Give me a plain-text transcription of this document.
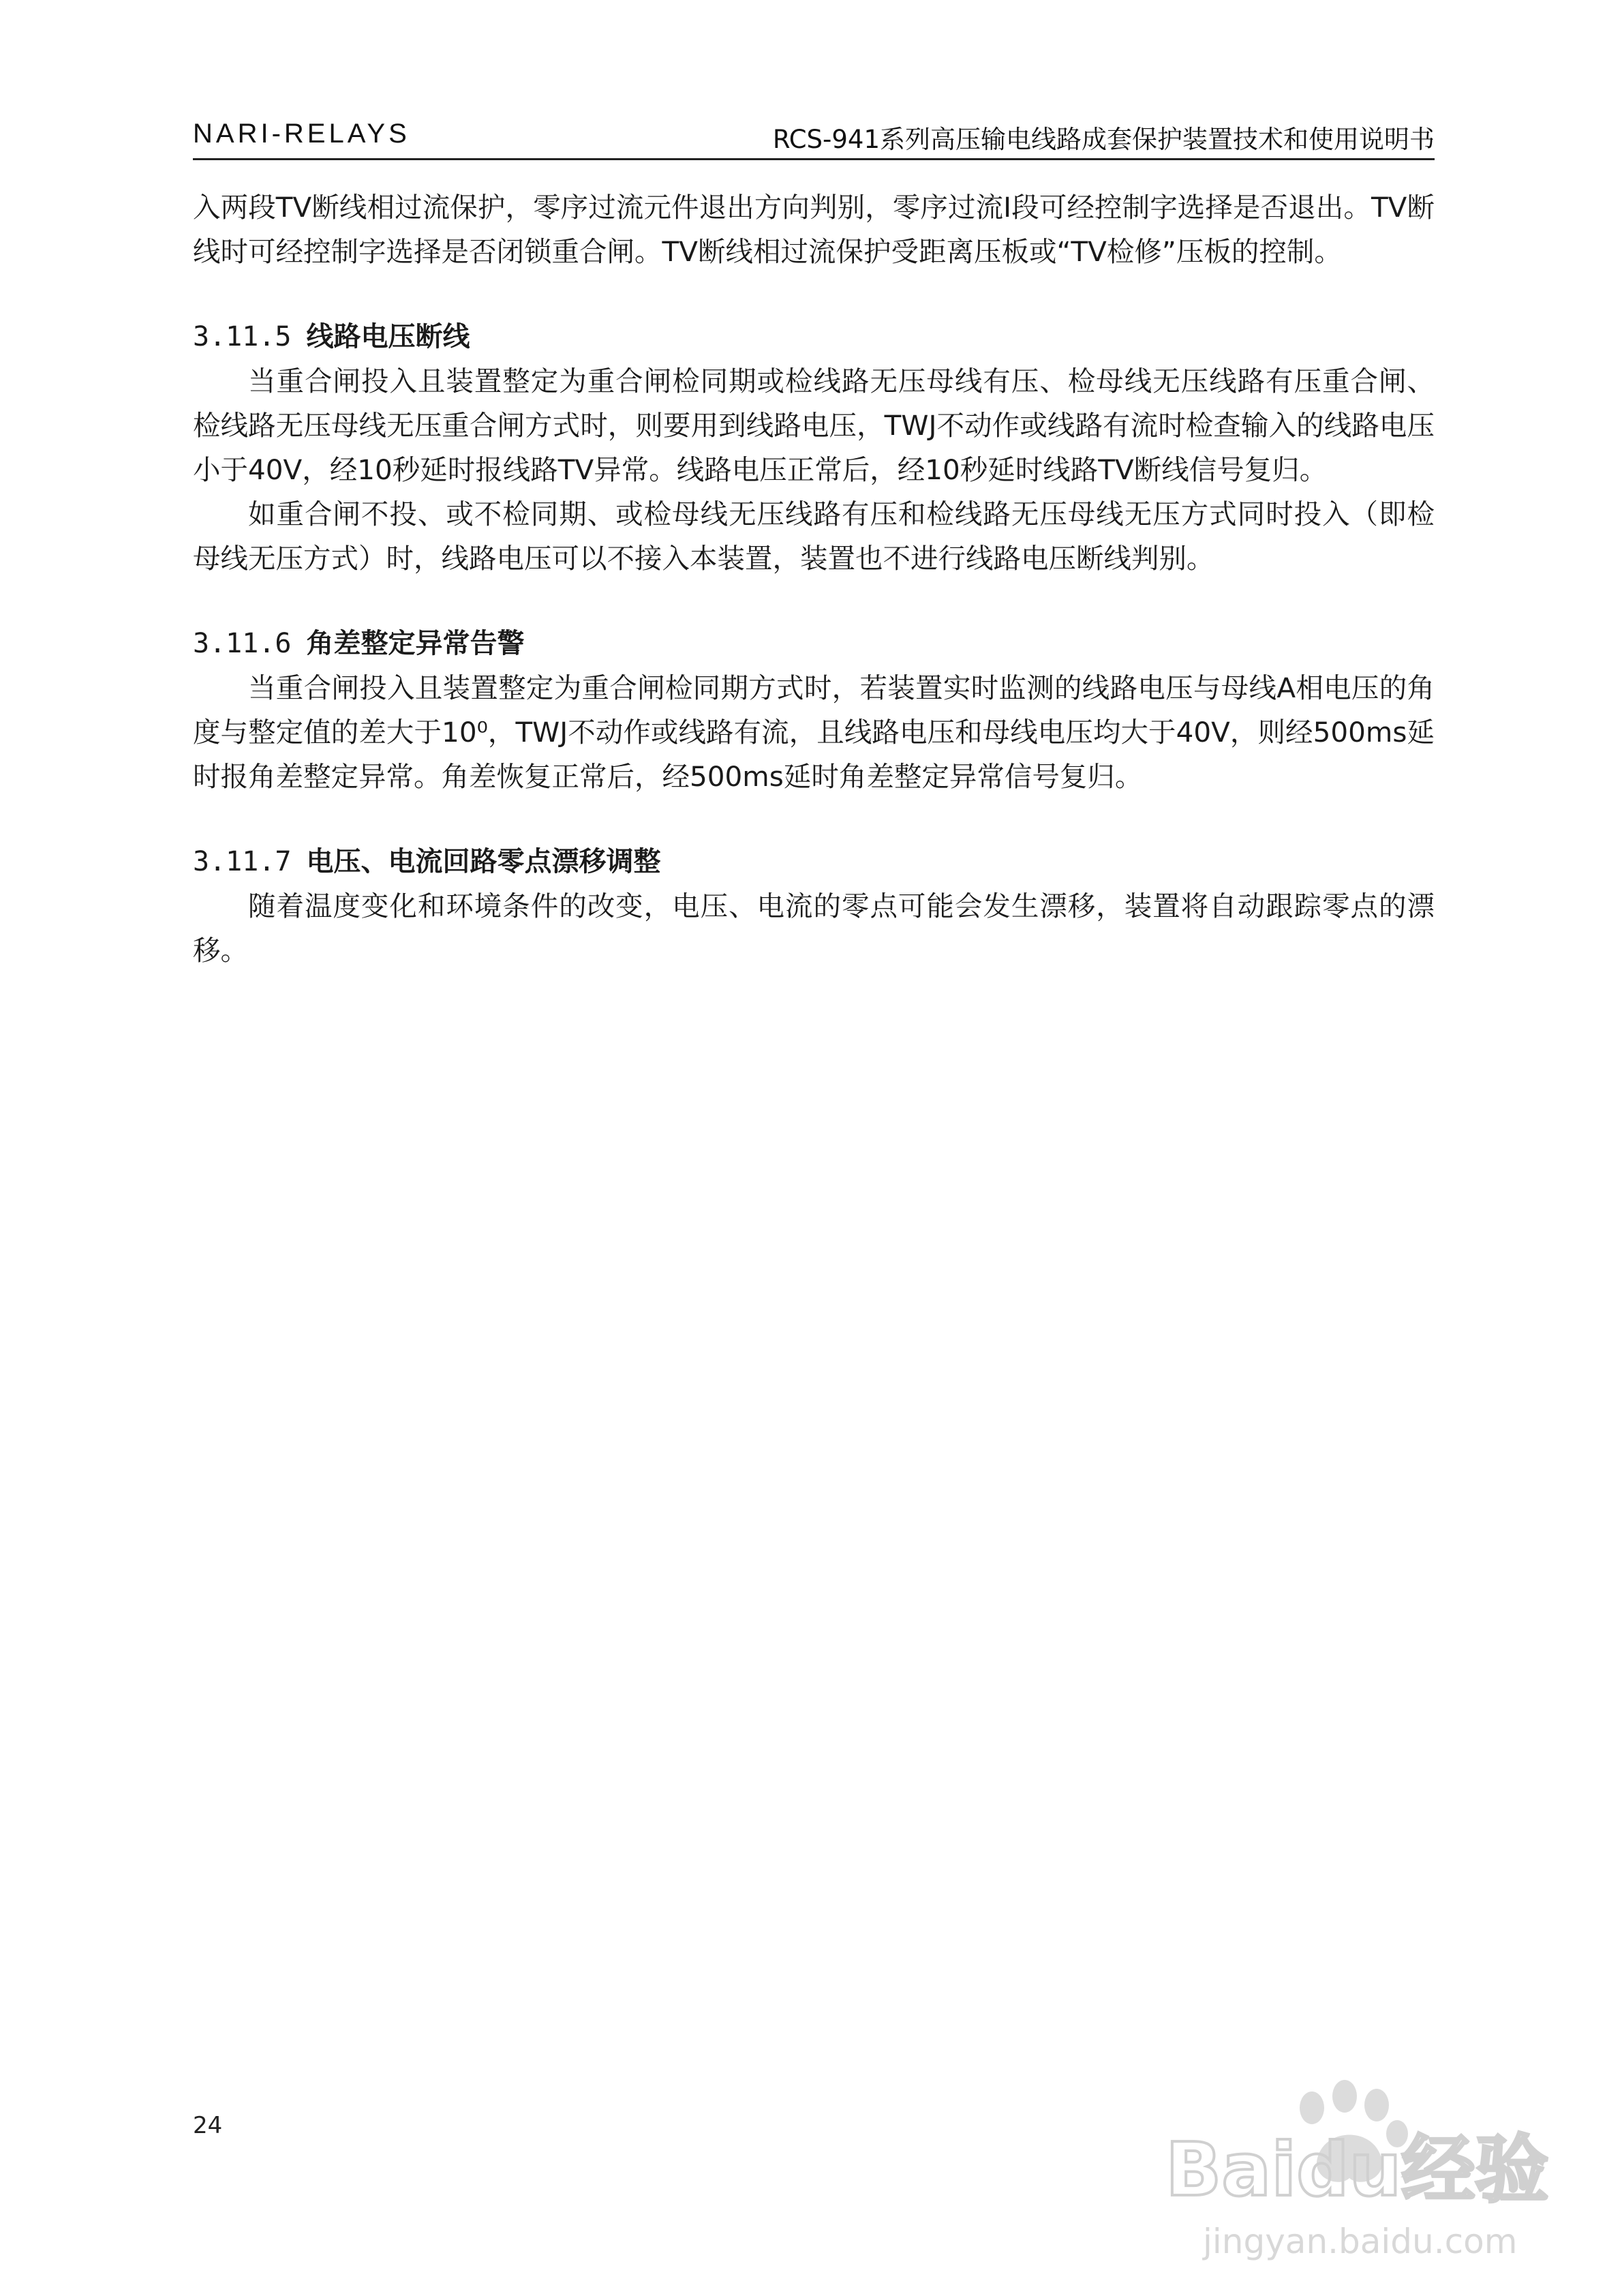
NARI-RELAYS	RCS-941系列高压输电线路成套保护装置技术和使用说明书

入两段TV断线相过流保护，零序过流元件退出方向判别，零序过流Ⅰ段可经控制字选择是否退出。TV断线时可经控制字选择是否闭锁重合闸。TV断线相过流保护受距离压板或“TV检修”压板的控制。

3.11.5 线路电压断线

当重合闸投入且装置整定为重合闸检同期或检线路无压母线有压、检母线无压线路有压重合闸、检线路无压母线无压重合闸方式时，则要用到线路电压，TWJ不动作或线路有流时检查输入的线路电压小于40V，经10秒延时报线路TV异常。线路电压正常后，经10秒延时线路TV断线信号复归。

如重合闸不投、或不检同期、或检母线无压线路有压和检线路无压母线无压方式同时投入（即检母线无压方式）时，线路电压可以不接入本装置，装置也不进行线路电压断线判别。

3.11.6 角差整定异常告警

当重合闸投入且装置整定为重合闸检同期方式时，若装置实时监测的线路电压与母线A相电压的角度与整定值的差大于10⁰，TWJ不动作或线路有流，且线路电压和母线电压均大于40V，则经500ms延时报角差整定异常。角差恢复正常后，经500ms延时角差整定异常信号复归。

3.11.7 电压、电流回路零点漂移调整

随着温度变化和环境条件的改变，电压、电流的零点可能会发生漂移，装置将自动跟踪零点的漂移。

24
Baidu经验
jingyan.baidu.com
